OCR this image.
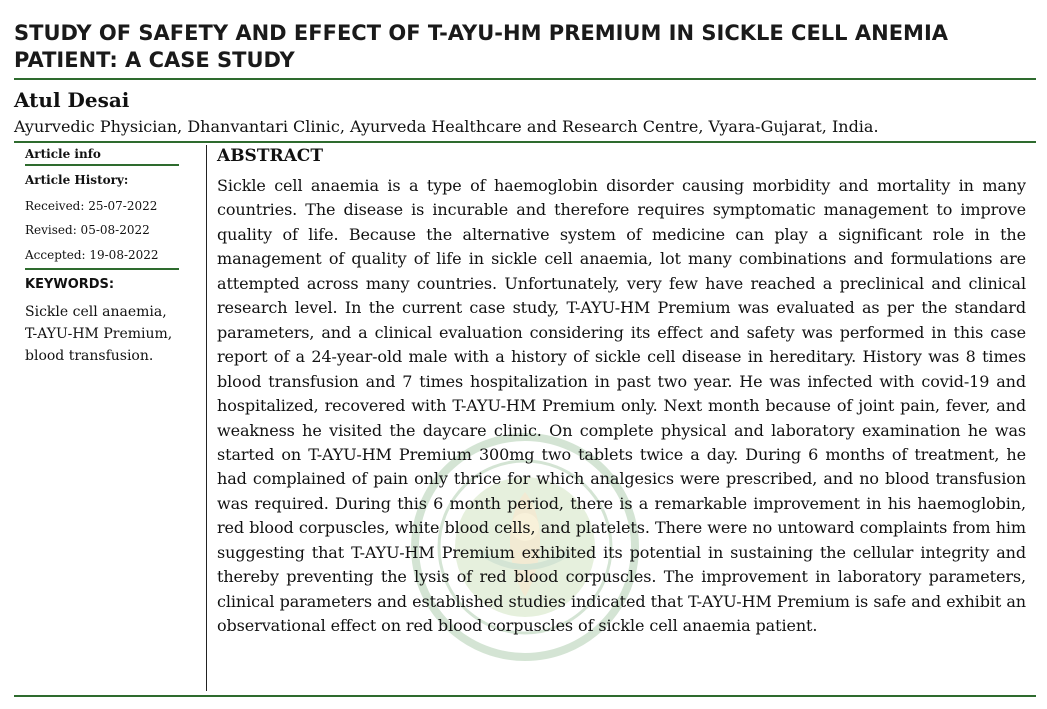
STUDY OF SAFETY AND EFFECT OF T-AYU-HM PREMIUM IN SICKLE CELL ANEMIA PATIENT: A CASE STUDY
Atul Desai
Ayurvedic Physician, Dhanvantari Clinic, Ayurveda Healthcare and Research Centre, Vyara-Gujarat, India.
Article info
Article History:
Received: 25-07-2022
Revised: 05-08-2022
Accepted: 19-08-2022
KEYWORDS:
Sickle cell anaemia, T-AYU-HM Premium, blood transfusion.
ABSTRACT

Sickle cell anaemia is a type of haemoglobin disorder causing morbidity and mortality in many countries. The disease is incurable and therefore requires symptomatic management to improve quality of life. Because the alternative system of medicine can play a significant role in the management of quality of life in sickle cell anaemia, lot many combinations and formulations are attempted across many countries. Unfortunately, very few have reached a preclinical and clinical research level. In the current case study, T-AYU-HM Premium was evaluated as per the standard parameters, and a clinical evaluation considering its effect and safety was performed in this case report of a 24-year-old male with a history of sickle cell disease in hereditary. History was 8 times blood transfusion and 7 times hospitalization in past two year. He was infected with covid-19 and hospitalized, recovered with T-AYU-HM Premium only. Next month because of joint pain, fever, and weakness he visited the daycare clinic. On complete physical and laboratory examination he was started on T-AYU-HM Premium 300mg two tablets twice a day. During 6 months of treatment, he had complained of pain only thrice for which analgesics were prescribed, and no blood transfusion was required. During this 6 month period, there is a remarkable improvement in his haemoglobin, red blood corpuscles, white blood cells, and platelets. There were no untoward complaints from him suggesting that T-AYU-HM Premium exhibited its potential in sustaining the cellular integrity and thereby preventing the lysis of red blood corpuscles. The improvement in laboratory parameters, clinical parameters and established studies indicated that T-AYU-HM Premium is safe and exhibit an observational effect on red blood corpuscles of sickle cell anaemia patient.
